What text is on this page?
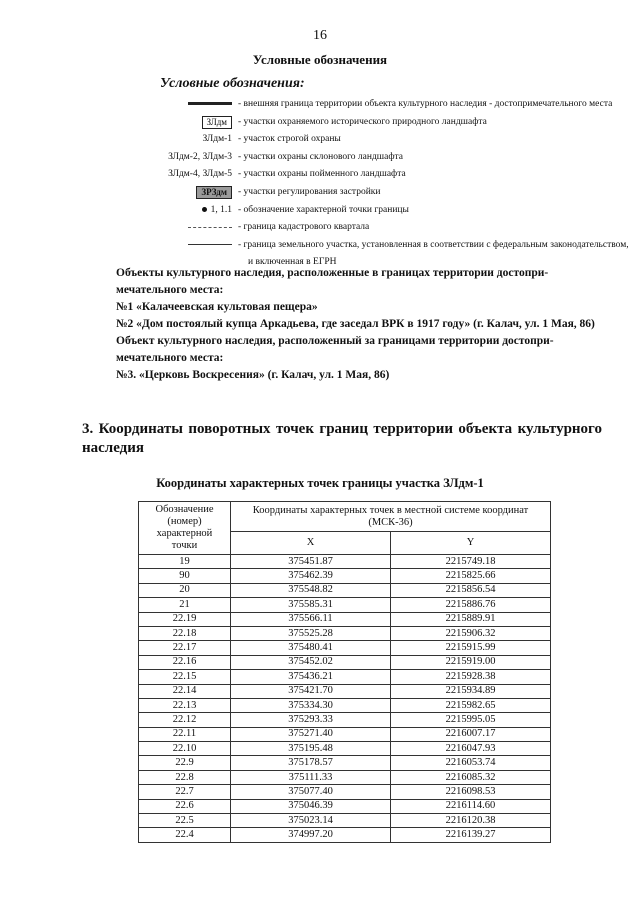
16
Условные обозначения
Условные обозначения:
- внешняя граница территории объекта культурного наследия - достопримечательного места
ЗЛдм	- участки охраняемого исторического природного ландшафта
ЗЛдм-1 - участок строгой охраны
ЗЛдм-2, ЗЛдм-3 - участки охраны склонового ландшафта
ЗЛдм-4, ЗЛдм-5 - участки охраны пойменного ландшафта
ЗРЗдм	- участки регулирования застройки
1, 1.1 - обозначение характерной точки границы
- граница кадастрового квартала
- граница земельного участка, установленная в соответствии с федеральным законодательством,
и включенная в ЕГРН

Объекты культурного наследия, расположенные в границах территории достопри-мечательного места:

№1 «Калачеевская культовая пещера»

№2 «Дом постоялый купца Аркадьева, где заседал ВРК в 1917 году» (г. Калач, ул. 1 Мая, 86)

Объект культурного наследия, расположенный за границами территории достопри-мечательного места:

№3. «Церковь Воскресения» (г. Калач, ул. 1 Мая, 86)

3. Координаты поворотных точек границ территории объекта культурного наследия
Координаты характерных точек границы участка ЗЛдм-1
Обозначение (номер) характерной точки	Координаты характерных точек в местной системе координат (МСК-36)	
	X	Y
19	375451.87	2215749.18
90	375462.39	2215825.66
20	375548.82	2215856.54
21	375585.31	2215886.76
22.19	375566.11	2215889.91
22.18	375525.28	2215906.32
22.17	375480.41	2215915.99
22.16	375452.02	2215919.00
22.15	375436.21	2215928.38
22.14	375421.70	2215934.89
22.13	375334.30	2215982.65
22.12	375293.33	2215995.05
22.11	375271.40	2216007.17
22.10	375195.48	2216047.93
22.9	375178.57	2216053.74
22.8	375111.33	2216085.32
22.7	375077.40	2216098.53
22.6	375046.39	2216114.60
22.5	375023.14	2216120.38
22.4	374997.20	2216139.27
